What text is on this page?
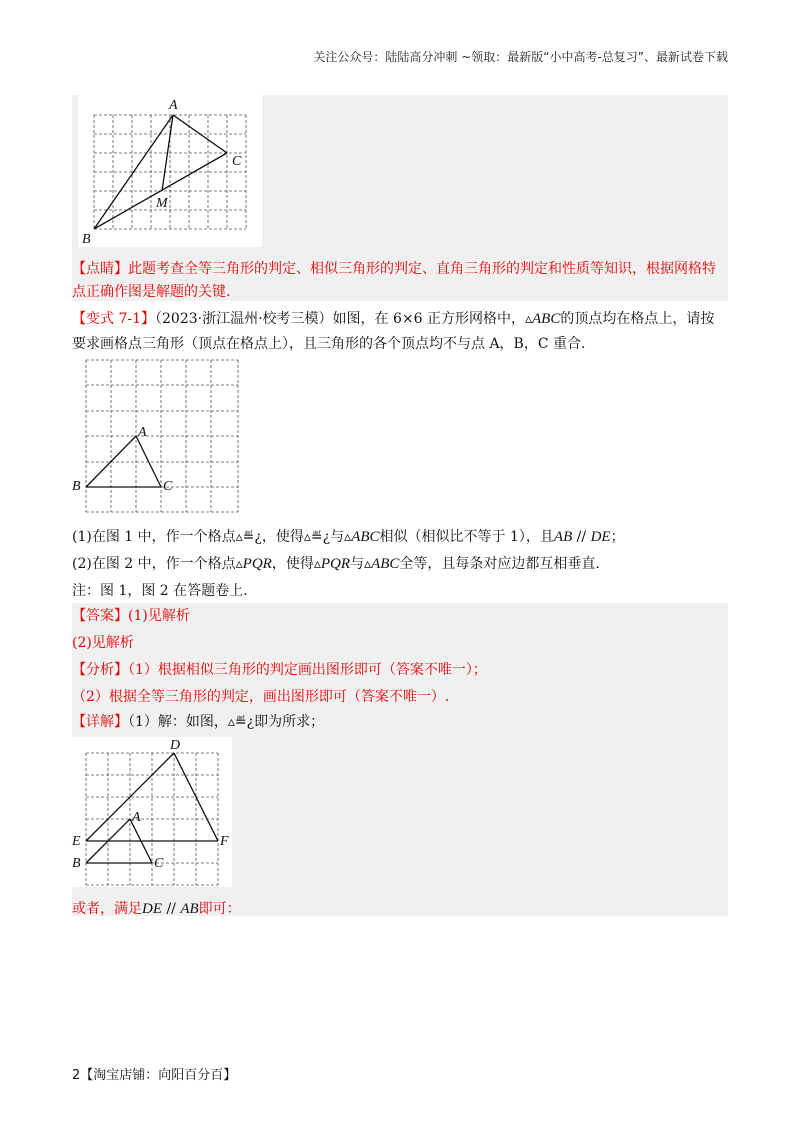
关注公众号：陆陆高分冲刺 ~领取：最新版“小中高考-总复习”、最新试卷下载
A
B
C
M
【点睛】此题考查全等三角形的判定、相似三角形的判定、直角三角形的判定和性质等知识，根据网格特
点正确作图是解题的关键.
【变式 7-1】（2023·浙江温州·校考三模）如图，在 6×6 正方形网格中，▵ABC的顶点均在格点上，请按
要求画格点三角形（顶点在格点上），且三角形的各个顶点均不与点 A，B，C 重合.
A
B	C
(1)在图 1 中，作一个格点▵≝¿，使得▵≝¿与▵ABC相似（相似比不等于 1），且AB // DE；
(2)在图 2 中，作一个格点▵PQR，使得▵PQR与▵ABC全等，且每条对应边都互相垂直.
注：图 1，图 2 在答题卷上.
【答案】(1)见解析
(2)见解析
【分析】（1）根据相似三角形的判定画出图形即可（答案不唯一）；
（2）根据全等三角形的判定，画出图形即可（答案不唯一）.
【详解】（1）解：如图，▵≝¿即为所求；
D
A
E	F
B	C
或者，满足DE // AB即可：
2【淘宝店铺：向阳百分百】
